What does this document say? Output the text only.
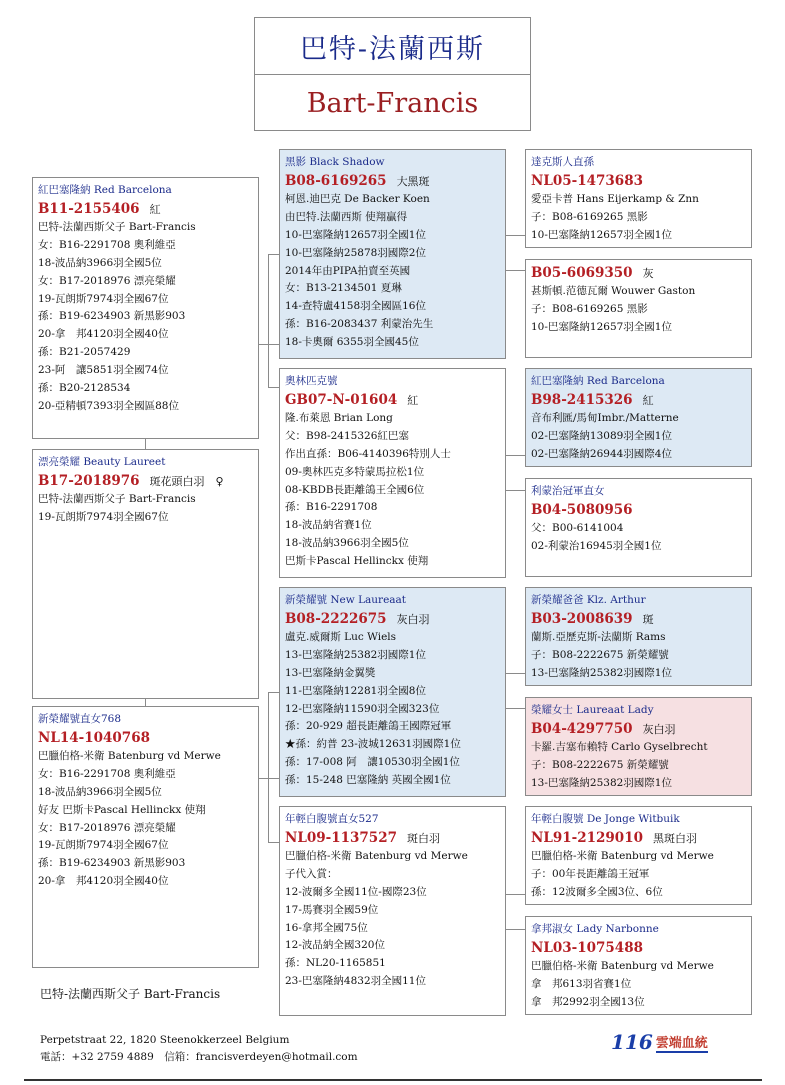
巴特-法蘭西斯
Bart-Francis
紅巴塞隆納 Red Barcelona
B11-2155406 紅
巴特-法蘭西斯父子 Bart-Francis
女：B16-2291708 奧利維亞
18-波品納3966羽全國5位
女：B17-2018976 漂亮榮耀
19-瓦朗斯7974羽全國67位
孫：B19-6234903 新黑影903
20-拿　邦4120羽全國40位
孫：B21-2057429
23-阿　讓5851羽全國74位
孫：B20-2128534
20-亞精頓7393羽全國區88位
漂亮榮耀 Beauty Laureet
B17-2018976 斑花頭白羽　♀
巴特-法蘭西斯父子 Bart-Francis
19-瓦朗斯7974羽全國67位
新榮耀號直女768
NL14-1040768
巴臘伯格-米衛 Batenburg vd Merwe
女：B16-2291708 奧利維亞
18-波品納3966羽全國5位
好友 巴斯卡Pascal Hellinckx 使翔
女：B17-2018976 漂亮榮耀
19-瓦朗斯7974羽全國67位
孫：B19-6234903 新黑影903
20-拿　邦4120羽全國40位
黑影 Black Shadow
B08-6169265 大黑斑
柯恩.迪巴克 De Backer Koen
由巴特.法蘭西斯 使翔贏得
10-巴塞隆納12657羽全國1位
10-巴塞隆納25878羽國際2位
2014年由PIPA拍賣至英國
女：B13-2134501 夏琳
14-查特盧4158羽全國區16位
孫：B16-2083437 利蒙治先生
18-卡奧爾 6355羽全國45位
奧林匹克號
GB07-N-01604 紅
隆.布萊恩 Brian Long
父：B98-2415326紅巴塞
作出直孫：B06-4140396特別人士
09-奧林匹克多特蒙馬拉松1位
08-KBDB長距離鴿王全國6位
孫：B16-2291708
18-波品納省賽1位
18-波品納3966羽全國5位
巴斯卡Pascal Hellinckx 使翔
新榮耀號 New Laureaat
B08-2222675 灰白羽
盧克.威爾斯 Luc Wiels
13-巴塞隆納25382羽國際1位
13-巴塞隆納金翼獎
11-巴塞隆納12281羽全國8位
12-巴塞隆納11590羽全國323位
孫：20-929 超長距離鴿王國際冠軍
★孫：約普 23-波城12631羽國際1位
孫：17-008 阿　讓10530羽全國1位
孫：15-248 巴塞隆納 英國全國1位
年輕白腹號直女527
NL09-1137527 斑白羽
巴臘伯格-米衛 Batenburg vd Merwe
子代入賞：
12-波爾多全國11位-國際23位
17-馬賽羽全國59位
16-拿邦全國75位
12-波品納全國320位
孫：NL20-1165851
23-巴塞隆納4832羽全國11位
達克斯人直孫
NL05-1473683
愛亞卡普 Hans Eijerkamp & Znn
子：B08-6169265 黑影
10-巴塞隆納12657羽全國1位
B05-6069350 灰
甚斯頓.范德瓦爾 Wouwer Gaston
子：B08-6169265 黑影
10-巴塞隆納12657羽全國1位
紅巴塞隆納 Red Barcelona
B98-2415326 紅
音布利匯/馬甸Imbr./Matterne
02-巴塞隆納13089羽全國1位
02-巴塞隆納26944羽國際4位
利蒙治冠軍直女
B04-5080956
父：B00-6141004
02-利蒙治16945羽全國1位
新榮耀爸爸 Klz. Arthur
B03-2008639 斑
蘭斯.亞歷克斯-法蘭斯 Rams
子：B08-2222675 新榮耀號
13-巴塞隆納25382羽國際1位
榮耀女士 Laureaat Lady
B04-4297750 灰白羽
卡羅.吉塞布賴特 Carlo Gyselbrecht
子：B08-2222675 新榮耀號
13-巴塞隆納25382羽國際1位
年輕白腹號 De Jonge Witbuik
NL91-2129010 黑斑白羽
巴臘伯格-米衛 Batenburg vd Merwe
子：00年長距離鴿王冠軍
孫：12波爾多全國3位、6位
拿邦淑女 Lady Narbonne
NL03-1075488
巴臘伯格-米衛 Batenburg vd Merwe
拿　邦613羽省賽1位
拿　邦2992羽全國13位
巴特-法蘭西斯父子 Bart-Francis
Perpetstraat 22, 1820 Steenokkerzeel Belgium
電話：+32 2759 4889　信箱：francisverdeyen@hotmail.com
116 雲端血統
